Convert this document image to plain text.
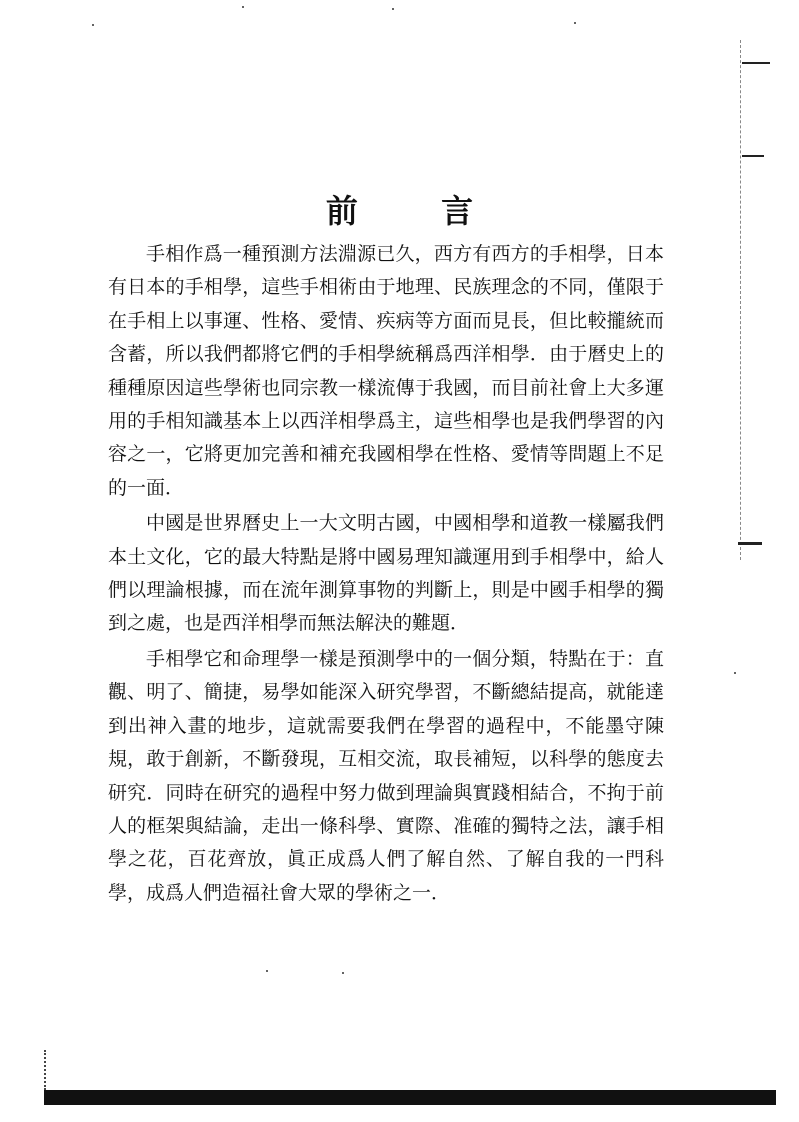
前 言

手相作爲一種預測方法淵源已久，西方有西方的手相學，日本有日本的手相學，這些手相術由于地理、民族理念的不同，僅限于在手相上以事運、性格、愛情、疾病等方面而見長，但比較攏統而含蓄，所以我們都將它們的手相學統稱爲西洋相學．由于曆史上的種種原因這些學術也同宗教一樣流傳于我國，而目前社會上大多運用的手相知識基本上以西洋相學爲主，這些相學也是我們學習的內容之一，它將更加完善和補充我國相學在性格、愛情等問題上不足的一面．

中國是世界曆史上一大文明古國，中國相學和道教一樣屬我們本土文化，它的最大特點是將中國易理知識運用到手相學中，給人們以理論根據，而在流年測算事物的判斷上，則是中國手相學的獨到之處，也是西洋相學而無法解決的難題．

手相學它和命理學一樣是預測學中的一個分類，特點在于：直觀、明了、簡捷，易學如能深入研究學習，不斷總結提高，就能達到出神入畫的地步，這就需要我們在學習的過程中，不能墨守陳規，敢于創新，不斷發現，互相交流，取長補短，以科學的態度去研究．同時在研究的過程中努力做到理論與實踐相結合，不拘于前人的框架與結論，走出一條科學、實際、准確的獨特之法，讓手相學之花，百花齊放，眞正成爲人們了解自然、了解自我的一門科學，成爲人們造福社會大眾的學術之一．
